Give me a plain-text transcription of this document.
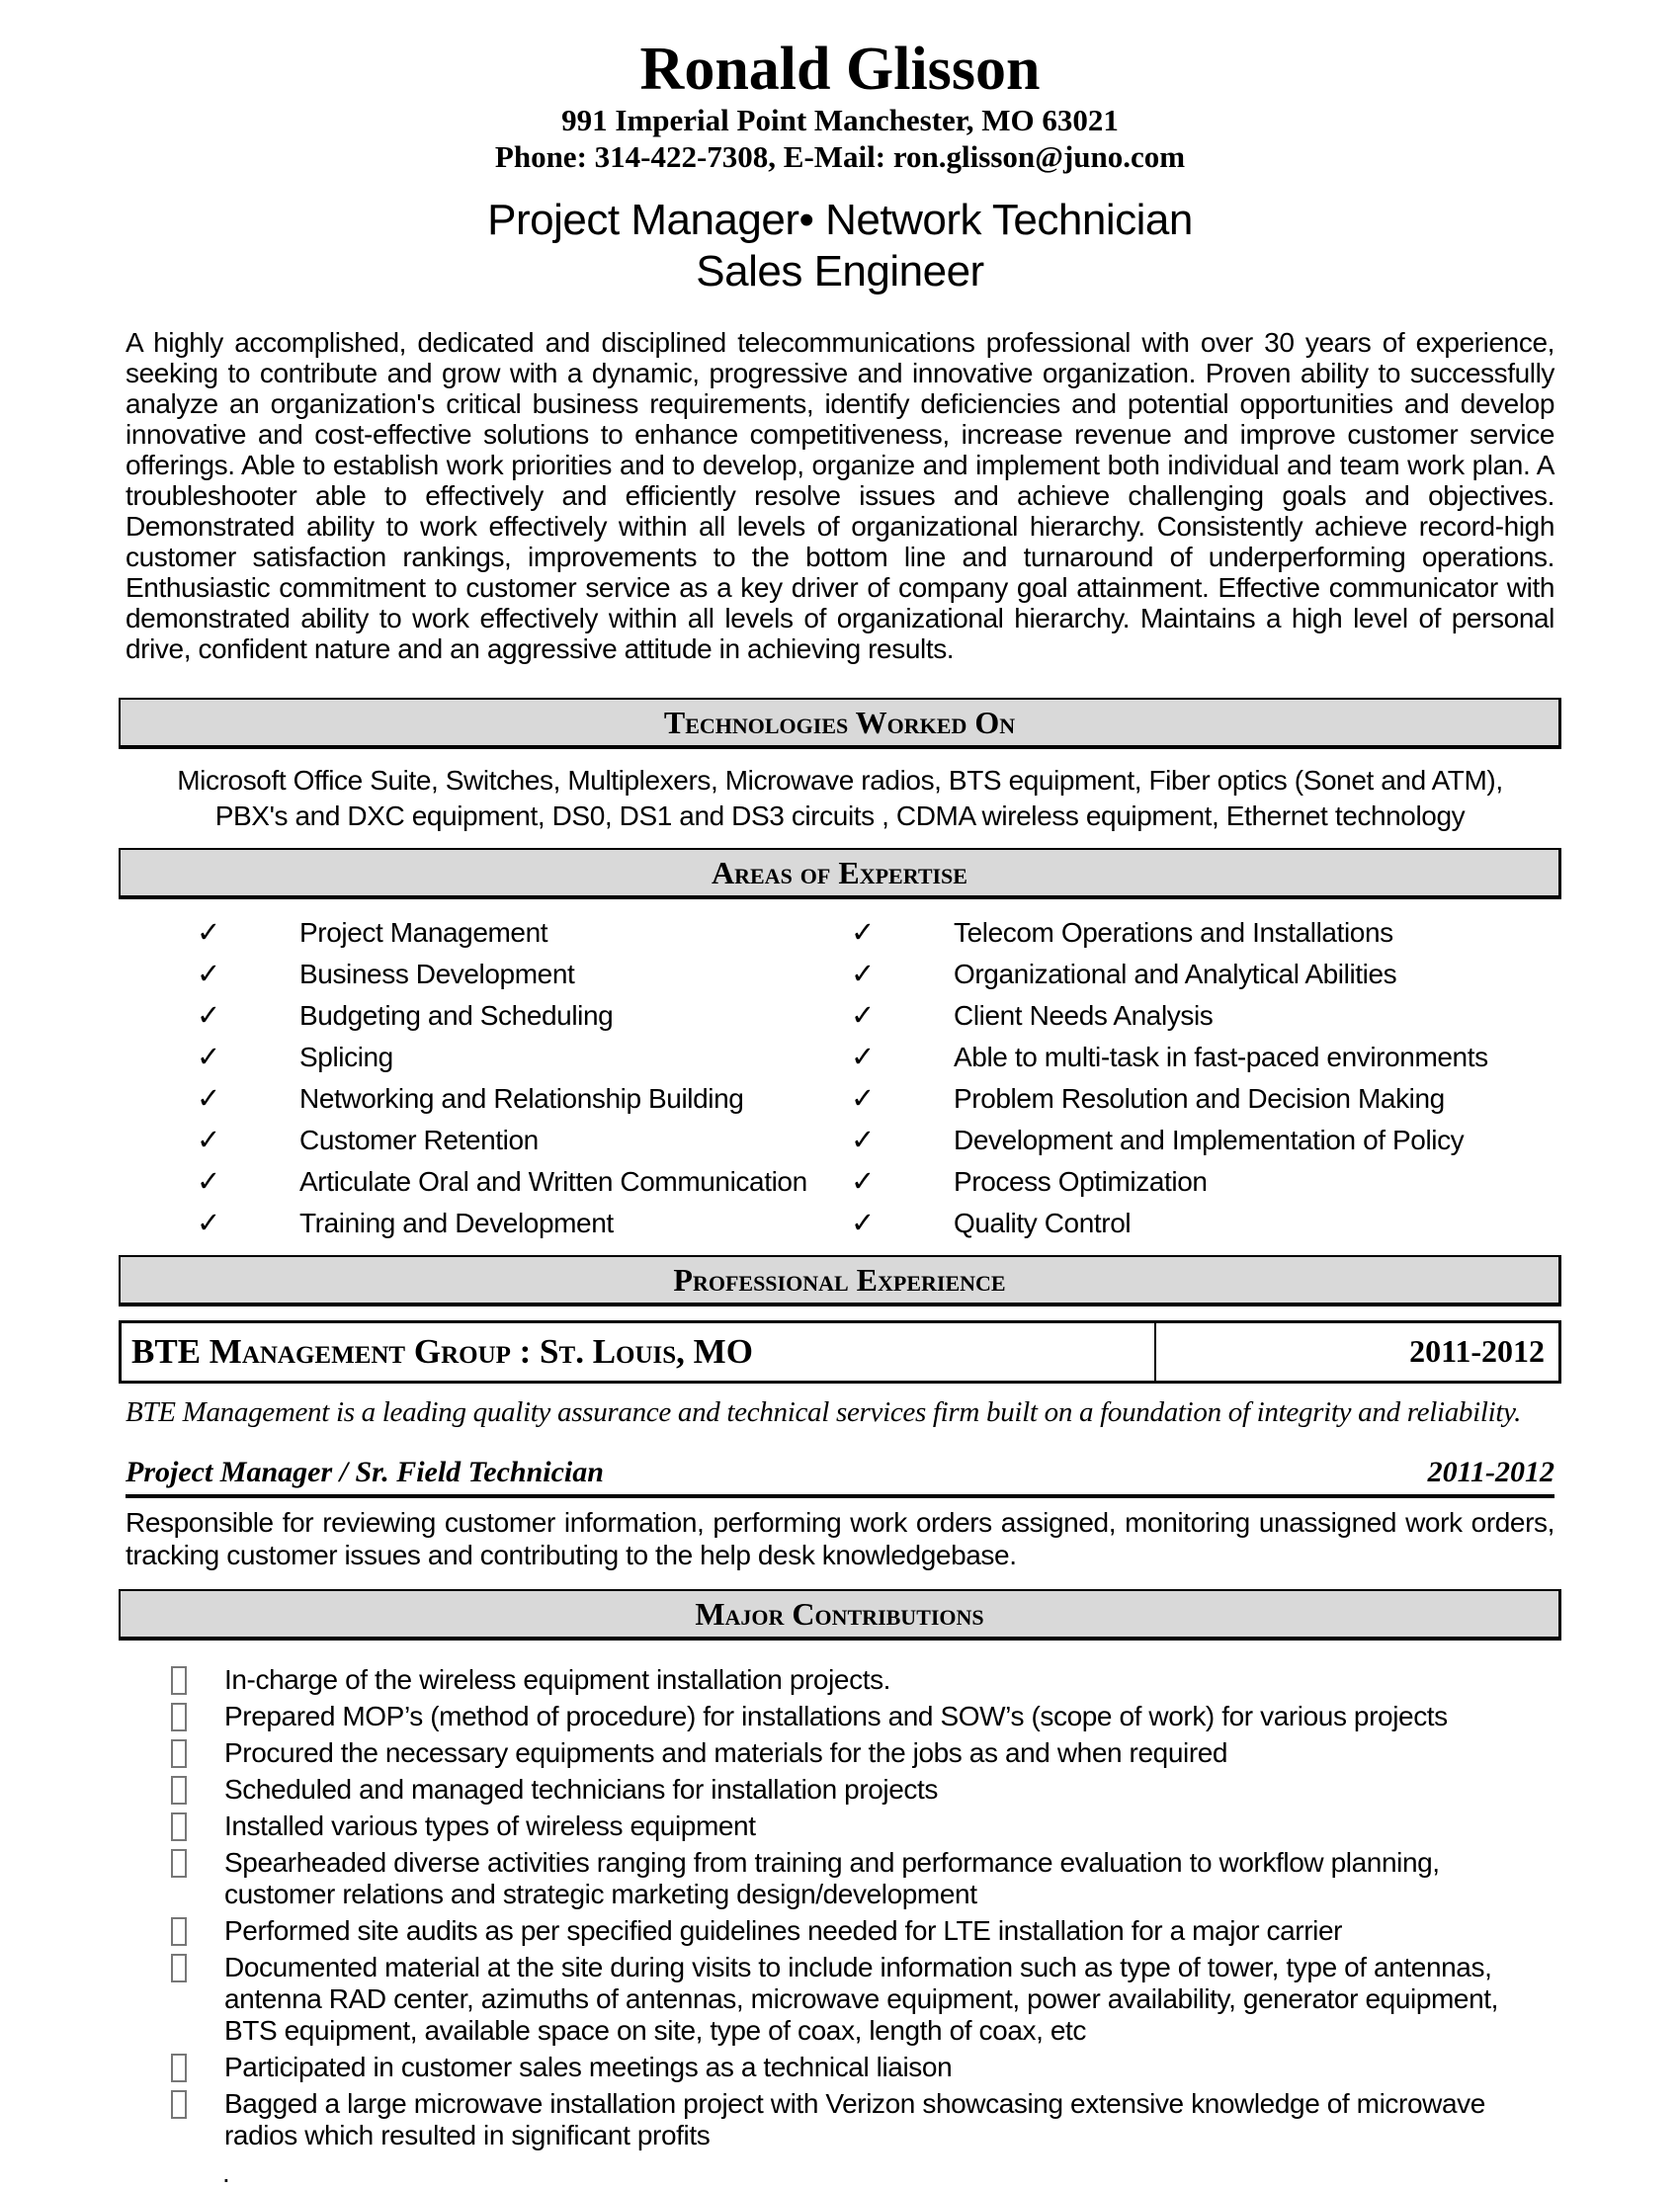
Ronald Glisson
991 Imperial Point Manchester, MO 63021
Phone: 314-422-7308, E-Mail: ron.glisson@juno.com
Project Manager• Network Technician
Sales Engineer
A highly accomplished, dedicated and disciplined telecommunications professional with over 30 years of experience, seeking to contribute and grow with a dynamic, progressive and innovative organization. Proven ability to successfully analyze an organization's critical business requirements, identify deficiencies and potential opportunities and develop innovative and cost-effective solutions to enhance competitiveness, increase revenue and improve customer service offerings. Able to establish work priorities and to develop, organize and implement both individual and team work plan. A troubleshooter able to effectively and efficiently resolve issues and achieve challenging goals and objectives. Demonstrated ability to work effectively within all levels of organizational hierarchy. Consistently achieve record-high customer satisfaction rankings, improvements to the bottom line and turnaround of underperforming operations. Enthusiastic commitment to customer service as a key driver of company goal attainment. Effective communicator with demonstrated ability to work effectively within all levels of organizational hierarchy. Maintains a high level of personal drive, confident nature and an aggressive attitude in achieving results.
Technologies Worked On
Microsoft Office Suite, Switches, Multiplexers, Microwave radios, BTS equipment, Fiber optics (Sonet and ATM), PBX's and DXC equipment, DS0, DS1 and DS3 circuits , CDMA wireless equipment, Ethernet technology
Areas of Expertise
✓	Project Management	✓	Telecom Operations and Installations
✓	Business Development	✓	Organizational and Analytical Abilities
✓	Budgeting and Scheduling	✓	Client Needs Analysis
✓	Splicing	✓	Able to multi-task in fast-paced environments
✓	Networking and Relationship Building	✓	Problem Resolution and Decision Making
✓	Customer Retention	✓	Development and Implementation of Policy
✓	Articulate Oral and Written Communication	✓	Process Optimization
✓	Training and Development	✓	Quality Control
Professional Experience
BTE Management Group : St. Louis, MO	2011-2012
BTE Management is a leading quality assurance and technical services firm built on a foundation of integrity and reliability.
Project Manager / Sr. Field Technician	2011-2012
Responsible for reviewing customer information, performing work orders assigned, monitoring unassigned work orders, tracking customer issues and contributing to the help desk knowledgebase.
Major Contributions
In-charge of the wireless equipment installation projects.
Prepared MOP’s (method of procedure) for installations and SOW’s (scope of work) for various projects
Procured the necessary equipments and materials for the jobs as and when required
Scheduled and managed technicians for installation projects
Installed various types of wireless equipment
Spearheaded diverse activities ranging from training and performance evaluation to workflow planning, customer relations and strategic marketing design/development
Performed site audits as per specified guidelines needed for LTE installation for a major carrier
Documented material at the site during visits to include information such as type of tower, type of antennas, antenna RAD center, azimuths of antennas, microwave equipment, power availability, generator equipment, BTS equipment, available space on site, type of coax, length of coax, etc
Participated in customer sales meetings as a technical liaison
Bagged a large microwave installation project with Verizon showcasing extensive knowledge of microwave radios which resulted in significant profits
.
